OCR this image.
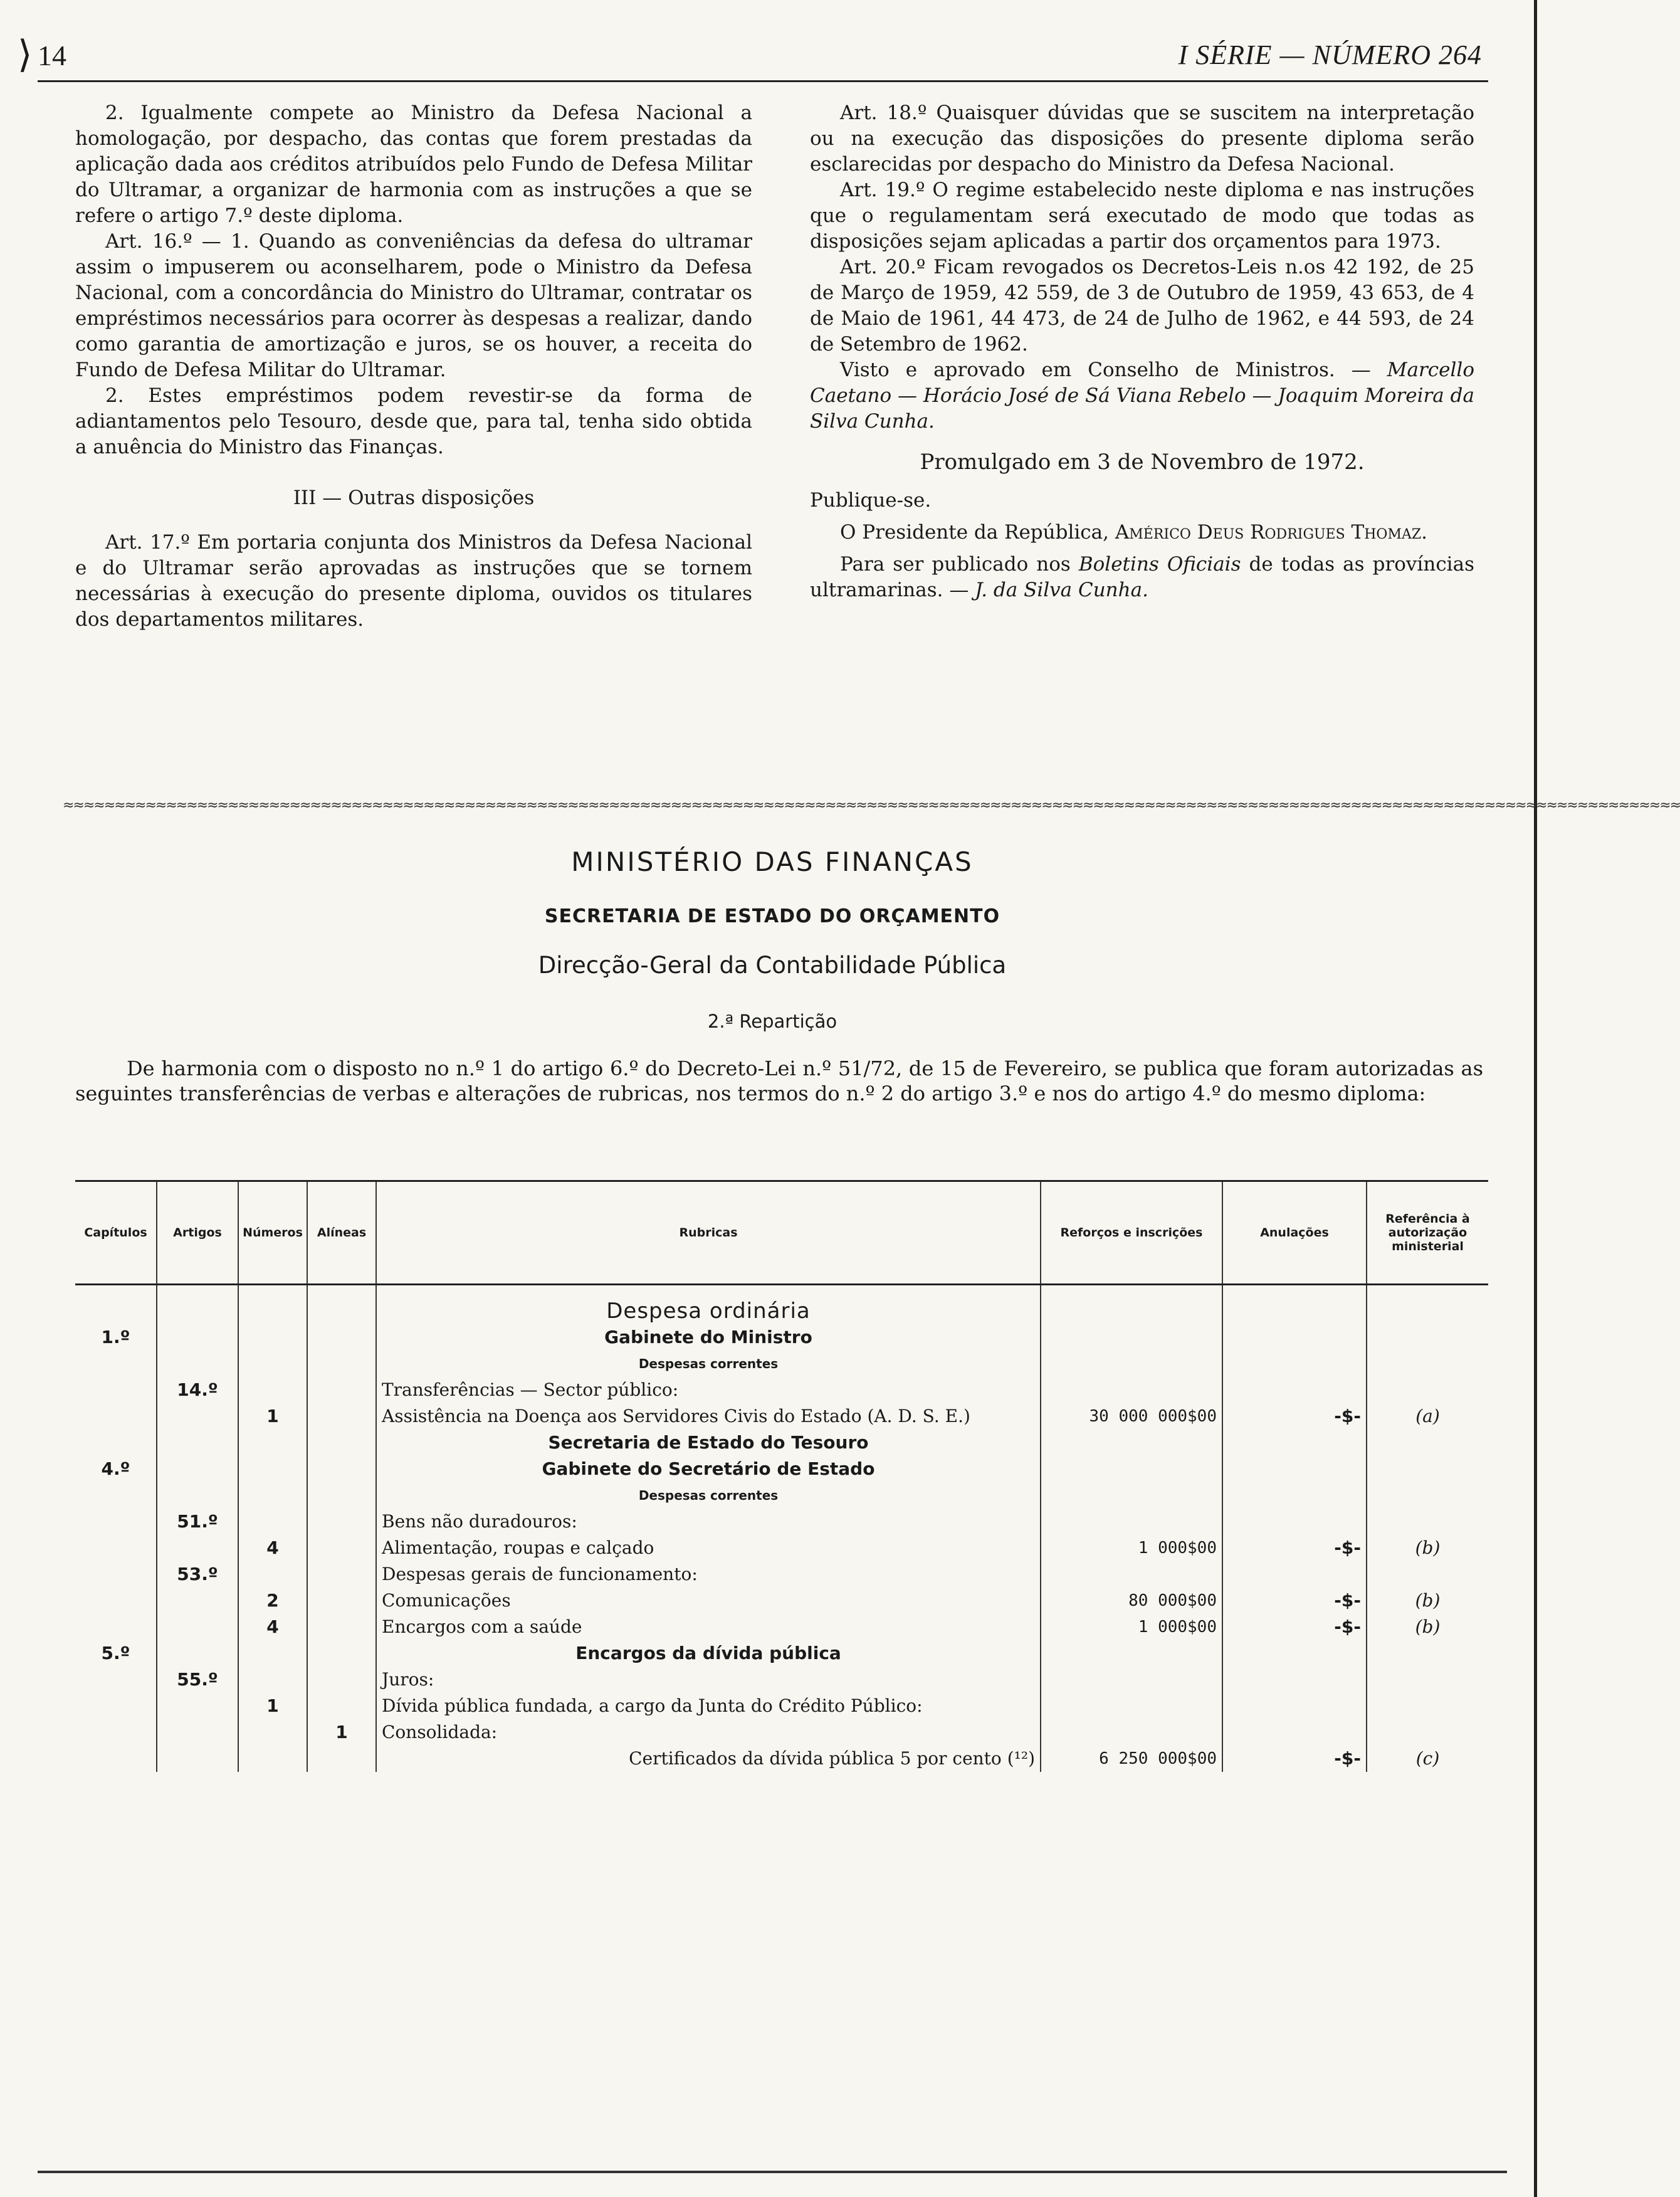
⟩ 14	I SÉRIE — NÚMERO 264

2. Igualmente compete ao Ministro da Defesa Nacional a homologação, por despacho, das contas que forem prestadas da aplicação dada aos créditos atribuídos pelo Fundo de Defesa Militar do Ultramar, a organizar de harmonia com as instruções a que se refere o artigo 7.º deste diploma.

Art. 16.º — 1. Quando as conveniências da defesa do ultramar assim o impuserem ou aconselharem, pode o Ministro da Defesa Nacional, com a concordância do Ministro do Ultramar, contratar os empréstimos necessários para ocorrer às despesas a realizar, dando como garantia de amortização e juros, se os houver, a receita do Fundo de Defesa Militar do Ultramar.

2. Estes empréstimos podem revestir-se da forma de adiantamentos pelo Tesouro, desde que, para tal, tenha sido obtida a anuência do Ministro das Finanças.

III — Outras disposições

Art. 17.º Em portaria conjunta dos Ministros da Defesa Nacional e do Ultramar serão aprovadas as instruções que se tornem necessárias à execução do presente diploma, ouvidos os titulares dos departamentos militares.

Art. 18.º Quaisquer dúvidas que se suscitem na interpretação ou na execução das disposições do presente diploma serão esclarecidas por despacho do Ministro da Defesa Nacional.

Art. 19.º O regime estabelecido neste diploma e nas instruções que o regulamentam será executado de modo que todas as disposições sejam aplicadas a partir dos orçamentos para 1973.

Art. 20.º Ficam revogados os Decretos-Leis n.os 42 192, de 25 de Março de 1959, 42 559, de 3 de Outubro de 1959, 43 653, de 4 de Maio de 1961, 44 473, de 24 de Julho de 1962, e 44 593, de 24 de Setembro de 1962.

Visto e aprovado em Conselho de Ministros. — Marcello Caetano — Horácio José de Sá Viana Rebelo — Joaquim Moreira da Silva Cunha.

Promulgado em 3 de Novembro de 1972.

Publique-se.

O Presidente da República, Américo Deus Rodrigues Thomaz.

Para ser publicado nos Boletins Oficiais de todas as províncias ultramarinas. — J. da Silva Cunha.

≈≈≈≈≈≈≈≈≈≈≈≈≈≈≈≈≈≈≈≈≈≈≈≈≈≈≈≈≈≈≈≈≈≈≈≈≈≈≈≈≈≈≈≈≈≈≈≈≈≈≈≈≈≈≈≈≈≈≈≈≈≈≈≈≈≈≈≈≈≈≈≈≈≈≈≈≈≈≈≈≈≈≈≈≈≈≈≈≈≈≈≈≈≈≈≈≈≈≈≈≈≈≈≈≈≈≈≈≈≈≈≈≈≈≈≈≈≈≈≈≈≈≈≈≈≈≈≈≈≈≈≈≈≈≈≈≈≈≈≈≈≈≈≈≈≈≈≈≈≈≈≈≈≈≈≈≈
MINISTÉRIO DAS FINANÇAS
SECRETARIA DE ESTADO DO ORÇAMENTO
Direcção-Geral da Contabilidade Pública
2.ª Repartição
De harmonia com o disposto no n.º 1 do artigo 6.º do Decreto-Lei n.º 51/72, de 15 de Fevereiro, se publica que foram autorizadas as seguintes transferências de verbas e alterações de rubricas, nos termos do n.º 2 do artigo 3.º e nos do artigo 4.º do mesmo diploma:
Capítulos	Artigos	Números	Alíneas	Rubricas	Reforços e inscrições	Anulações	Referência à autorização ministerial

				Despesa ordinária			
1.º				Gabinete do Ministro			
				Despesas correntes			
	14.º			Transferências — Sector público:			
		1		Assistência na Doença aos Servidores Civis do Estado (A. D. S. E.)	30 000 000$00	-$-	(a)
				Secretaria de Estado do Tesouro			
4.º				Gabinete do Secretário de Estado			
				Despesas correntes			
	51.º			Bens não duradouros:			
		4		Alimentação, roupas e calçado	1 000$00	-$-	(b)
	53.º			Despesas gerais de funcionamento:			
		2		Comunicações	80 000$00	-$-	(b)
		4		Encargos com a saúde	1 000$00	-$-	(b)
5.º				Encargos da dívida pública			
	55.º			Juros:			
		1		Dívida pública fundada, a cargo da Junta do Crédito Público:			
			1	Consolidada:			
				Certificados da dívida pública 5 por cento (¹²)	6 250 000$00	-$-	(c)
